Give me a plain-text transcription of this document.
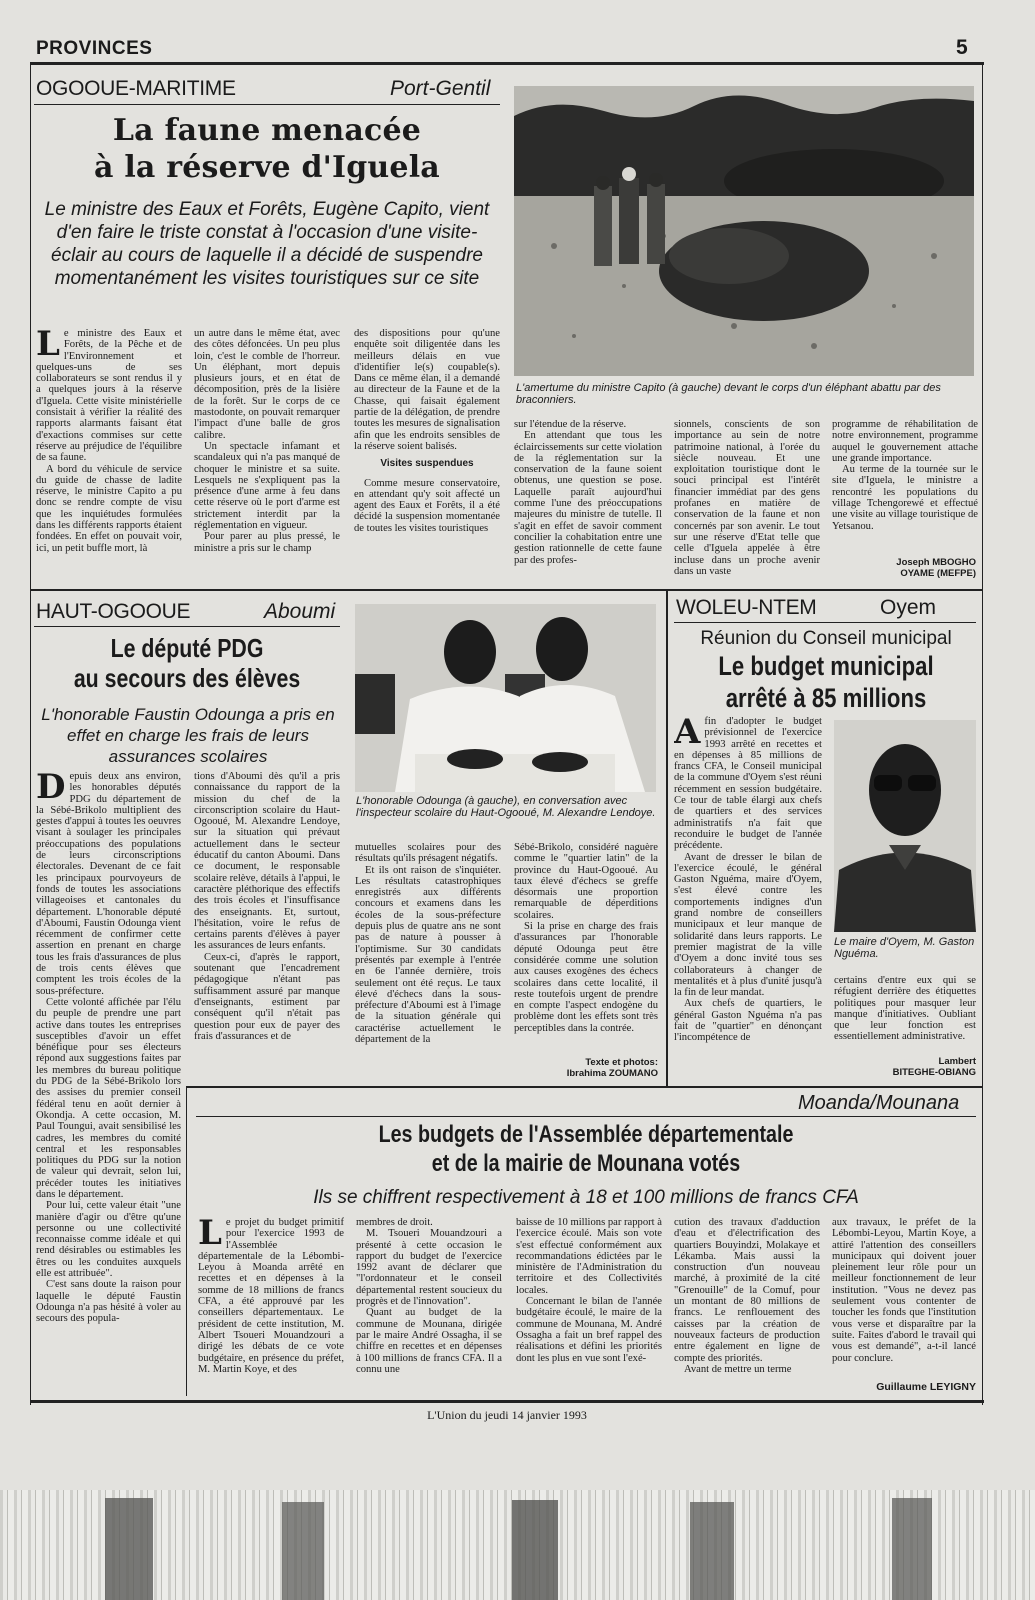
PROVINCES	5
OGOOUE-MARITIME	Port-Gentil
La faune menacée
à la réserve d'Iguela
Le ministre des Eaux et Forêts, Eugène Capito, vient d'en faire le triste constat à l'occasion d'une visite-éclair au cours de laquelle il a décidé de suspendre momentanément les visites touristiques sur ce site
L'amertume du ministre Capito (à gauche) devant le corps d'un éléphant abattu par des braconniers.
L e ministre des Eaux et Forêts, de la Pêche et de l'Environnement et quelques-uns de ses collaborateurs se sont rendus il y a quelques jours à la réserve d'Iguela. Cette visite ministérielle consistait à vérifier la réalité des rapports alarmants faisant état d'exactions commises sur cette réserve au préjudice de l'équilibre de sa faune.

A bord du véhicule de service du guide de chasse de ladite réserve, le ministre Capito a pu donc se rendre compte de visu que les inquiétudes formulées dans les différents rapports étaient fondées. En effet on pouvait voir, ici, un petit buffle mort, là

un autre dans le même état, avec des côtes défoncées. Un peu plus loin, c'est le comble de l'horreur. Un éléphant, mort depuis plusieurs jours, et en état de décomposition, près de la lisière de la forêt. Sur le corps de ce mastodonte, on pouvait remarquer l'impact d'une balle de gros calibre.

Un spectacle infamant et scandaleux qui n'a pas manqué de choquer le ministre et sa suite. Lesquels ne s'expliquent pas la présence d'une arme à feu dans cette réserve où le port d'arme est strictement interdit par la réglementation en vigueur.

Pour parer au plus pressé, le ministre a pris sur le champ

des dispositions pour qu'une enquête soit diligentée dans les meilleurs délais en vue d'identifier le(s) coupable(s). Dans ce même élan, il a demandé au directeur de la Faune et de la Chasse, qui faisait également partie de la délégation, de prendre toutes les mesures de signalisation afin que les endroits sensibles de la réserve soient balisés.
Visites suspendues

Comme mesure conservatoire, en attendant qu'y soit affecté un agent des Eaux et Forêts, il a été décidé la suspension momentanée de toutes les visites touristiques

sur l'étendue de la réserve.

En attendant que tous les éclaircissements sur cette violation de la réglementation sur la conservation de la faune soient obtenus, une question se pose. Laquelle paraît aujourd'hui comme l'une des préoccupations majeures du ministre de tutelle. Il s'agit en effet de savoir comment concilier la cohabitation entre une gestion rationnelle de cette faune par des profes-

sionnels, conscients de son importance au sein de notre patrimoine national, à l'orée du siècle nouveau. Et une exploitation touristique dont le souci principal est l'intérêt financier immédiat par des gens profanes en matière de conservation de la faune et non concernés par son avenir. Le tout sur une réserve d'Etat telle que celle d'Iguela appelée à être incluse dans un proche avenir dans un vaste
programme de réhabilitation de notre environnement, programme auquel le gouvernement attache une grande importance.

Au terme de la tournée sur le site d'Iguela, le ministre a rencontré les populations du village Tchengorewé et effectué une visite au village touristique de Yetsanou.

Joseph MBOGHO
OYAME (MEFPE)
HAUT-OGOOUE	Aboumi
Le député PDG
au secours des élèves
L'honorable Faustin Odounga a pris en effet en charge les frais de leurs assurances scolaires
L'honorable Odounga (à gauche), en conversation avec l'inspecteur scolaire du Haut-Ogooué, M. Alexandre Lendoye.
D epuis deux ans environ, les honorables députés PDG du département de la Sébé-Brikolo multiplient des gestes d'appui à toutes les oeuvres visant à soulager les principales préoccupations des populations de leurs circonscriptions électorales. Devenant de ce fait les principaux pourvoyeurs de fonds de toutes les associations villageoises et cantonales du département. L'honorable député d'Aboumi, Faustin Odounga vient récemment de confirmer cette assertion en prenant en charge tous les frais d'assurances de plus de trois cents élèves que comptent les trois écoles de la sous-préfecture.

Cette volonté affichée par l'élu du peuple de prendre une part active dans toutes les entreprises susceptibles d'avoir un effet bénéfique pour ses électeurs répond aux suggestions faites par les membres du bureau politique du PDG de la Sébé-Brikolo lors des assises du premier conseil fédéral tenu en août dernier à Okondja. A cette occasion, M. Paul Toungui, avait sensibilisé les cadres, les membres du comité central et les responsables politiques du PDG sur la notion de valeur qui devrait, selon lui, précéder toutes les initiatives dans le département.

Pour lui, cette valeur était "une manière d'agir ou d'être qu'une personne ou une collectivité reconnaisse comme idéale et qui rend désirables ou estimables les êtres ou les conduites auxquels elle est attribuée".

C'est sans doute la raison pour laquelle le député Faustin Odounga n'a pas hésité à voler au secours des popula-

tions d'Aboumi dès qu'il a pris connaissance du rapport de la mission du chef de la circonscription scolaire du Haut-Ogooué, M. Alexandre Lendoye, sur la situation qui prévaut actuellement dans le secteur éducatif du canton Aboumi. Dans ce document, le responsable scolaire relève, détails à l'appui, le caractère pléthorique des effectifs des trois écoles et l'insuffisance des enseignants. Et, surtout, l'hésitation, voire le refus de certains parents d'élèves à payer les assurances de leurs enfants.

Ceux-ci, d'après le rapport, soutenant que l'encadrement pédagogique n'étant pas suffisamment assuré par manque d'enseignants, estiment par conséquent qu'il n'était pas question pour eux de payer des frais d'assurances et de

mutuelles scolaires pour des résultats qu'ils présagent négatifs.

Et ils ont raison de s'inquiéter. Les résultats catastrophiques enregistrés aux différents concours et examens dans les écoles de la sous-préfecture depuis plus de quatre ans ne sont pas de nature à pousser à l'optimisme. Sur 30 candidats présentés par exemple à l'entrée en 6e l'année dernière, trois seulement ont été reçus. Le taux élevé d'échecs dans la sous-préfecture d'Aboumi est à l'image de la situation générale qui caractérise actuellement le département de la

Sébé-Brikolo, considéré naguère comme le "quartier latin" de la province du Haut-Ogooué. Au taux élevé d'échecs se greffe désormais une proportion remarquable de déperditions scolaires.

Si la prise en charge des frais d'assurances par l'honorable député Odounga peut être considérée comme une solution aux causes exogènes des échecs scolaires dans cette localité, il reste toutefois urgent de prendre en compte l'aspect endogène du problème dont les effets sont très perceptibles dans la contrée.

Texte et photos:
Ibrahima ZOUMANO
WOLEU-NTEM	Oyem
Réunion du Conseil municipal
Le budget municipal
arrêté à 85 millions
Le maire d'Oyem, M. Gaston Nguéma.
A fin d'adopter le budget prévisionnel de l'exercice 1993 arrêté en recettes et en dépenses à 85 millions de francs CFA, le Conseil municipal de la commune d'Oyem s'est réuni récemment en session budgétaire. Ce tour de table élargi aux chefs de quartiers et des services administratifs n'a fait que reconduire le budget de l'année précédente.

Avant de dresser le bilan de l'exercice écoulé, le général Gaston Nguéma, maire d'Oyem, s'est élevé contre les comportements indignes d'un grand nombre de conseillers municipaux et leur manque de solidarité dans leurs rapports. Le premier magistrat de la ville d'Oyem a donc invité tous ses collaborateurs à changer de mentalités et à plus d'unité jusqu'à la fin de leur mandat.

Aux chefs de quartiers, le général Gaston Nguéma n'a pas fait de "quartier" en dénonçant l'incompétence de

certains d'entre eux qui se réfugient derrière des étiquettes politiques pour masquer leur manque d'initiatives. Oubliant que leur fonction est essentiellement administrative.
Lambert
BITEGHE-OBIANG
Moanda/Mounana
Les budgets de l'Assemblée départementale
et de la mairie de Mounana votés
Ils se chiffrent respectivement à 18 et 100 millions de francs CFA
L e projet du budget primitif pour l'exercice 1993 de l'Assemblée départementale de la Lébombi-Leyou à Moanda arrêté en recettes et en dépenses à la somme de 18 millions de francs CFA, a été approuvé par les conseillers départementaux. Le président de cette institution, M. Albert Tsoueri Mouandzouri a dirigé les débats de ce vote budgétaire, en présence du préfet, M. Martin Koye, et des
membres de droit.

M. Tsoueri Mouandzouri a présenté à cette occasion le rapport du budget de l'exercice 1992 avant de déclarer que "l'ordonnateur et le conseil départemental restent soucieux du progrès et de l'innovation".

Quant au budget de la commune de Mounana, dirigée par le maire André Ossagha, il se chiffre en recettes et en dépenses à 100 millions de francs CFA. Il a connu une

baisse de 10 millions par rapport à l'exercice écoulé. Mais son vote s'est effectué conformément aux recommandations édictées par le ministère de l'Administration du territoire et des Collectivités locales.

Concernant le bilan de l'année budgétaire écoulé, le maire de la commune de Mounana, M. André Ossagha a fait un bref rappel des réalisations et défini les priorités dont les plus en vue sont l'exé-

cution des travaux d'adduction d'eau et d'électrification des quartiers Bouyindzi, Molakaye et Lékamba. Mais aussi la construction d'un nouveau marché, à proximité de la cité "Grenouille" de la Comuf, pour un montant de 80 millions de francs. Le renflouement des caisses par la création de nouveaux facteurs de production entre également en ligne de compte des priorités.

Avant de mettre un terme

aux travaux, le préfet de la Lébombi-Leyou, Martin Koye, a attiré l'attention des conseillers municipaux qui doivent jouer pleinement leur rôle pour un meilleur fonctionnement de leur institution. "Vous ne devez pas seulement vous contenter de toucher les fonds que l'institution vous verse et disparaître par la suite. Faites d'abord le travail qui vous est demandé", a-t-il lancé pour conclure.
Guillaume LEYIGNY
L'Union du jeudi 14 janvier 1993
